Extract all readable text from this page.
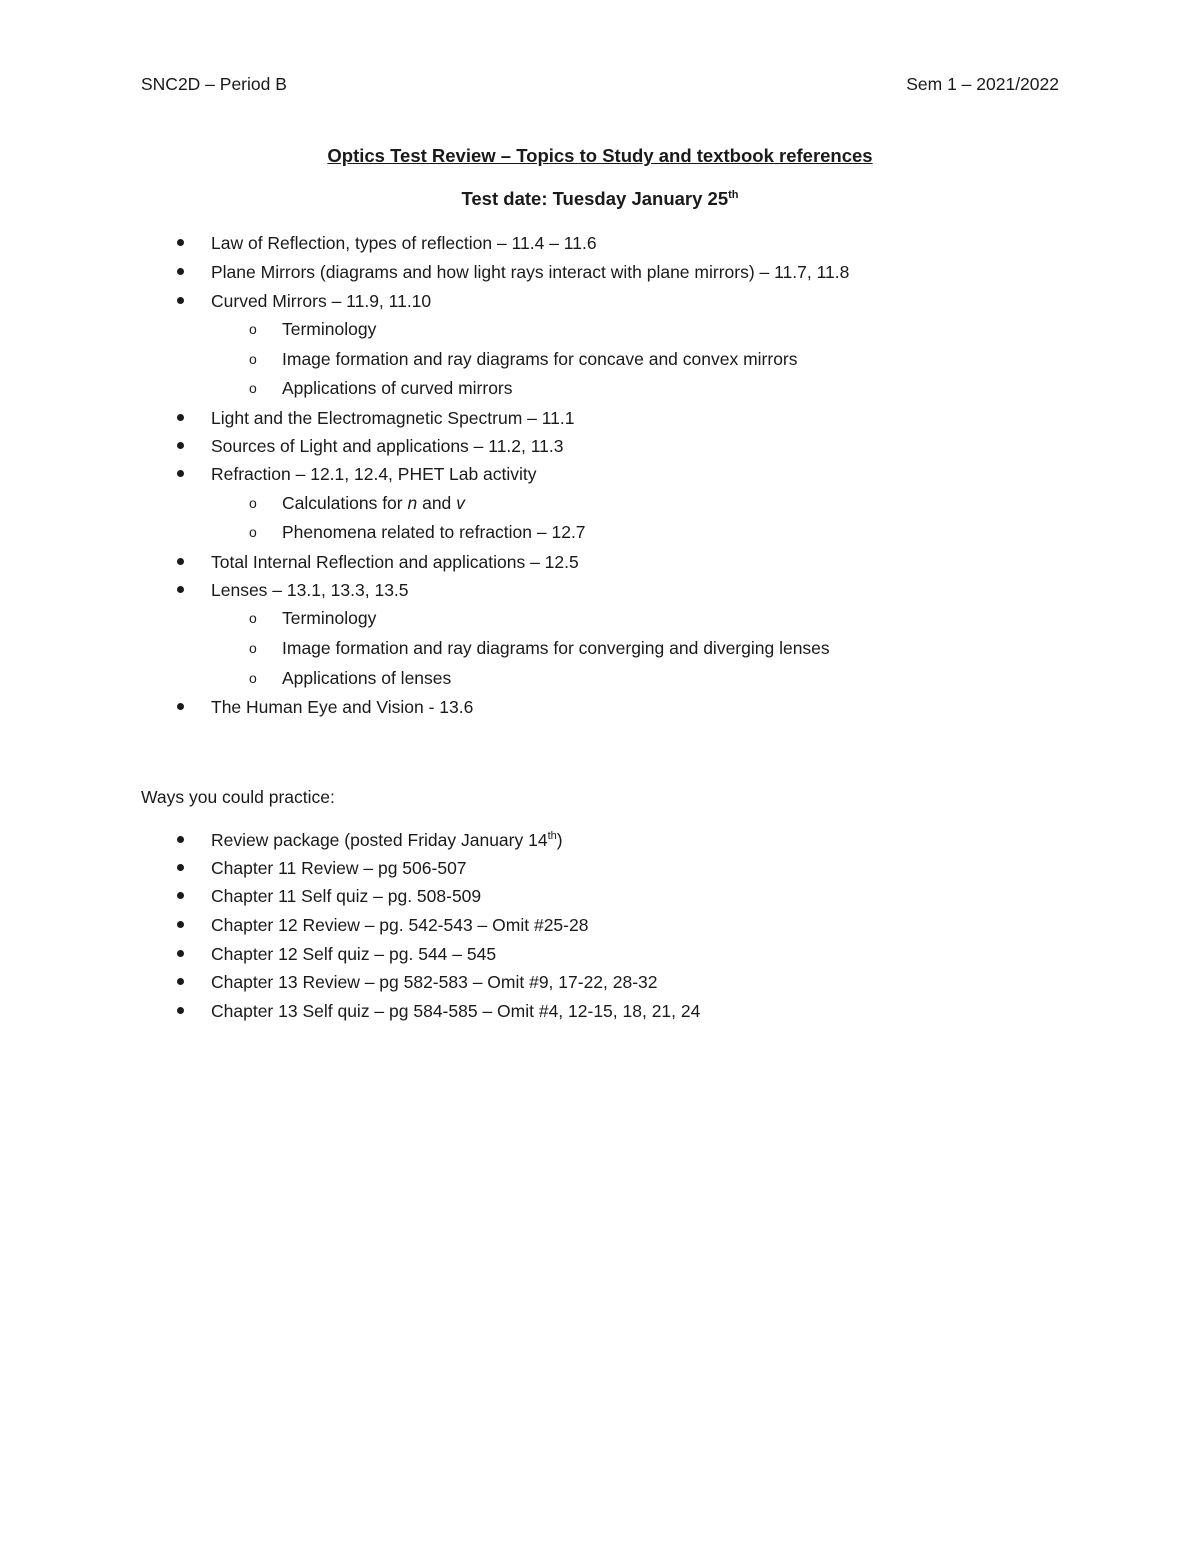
SNC2D – Period B	Sem 1 – 2021/2022
Optics Test Review – Topics to Study and textbook references
Test date: Tuesday January 25th
Law of Reflection, types of reflection – 11.4 – 11.6
Plane Mirrors (diagrams and how light rays interact with plane mirrors) – 11.7, 11.8
Curved Mirrors – 11.9, 11.10
o Terminology
o Image formation and ray diagrams for concave and convex mirrors
o Applications of curved mirrors
Light and the Electromagnetic Spectrum – 11.1
Sources of Light and applications – 11.2, 11.3
Refraction – 12.1, 12.4, PHET Lab activity
o Calculations for n and v
o Phenomena related to refraction – 12.7
Total Internal Reflection and applications – 12.5
Lenses – 13.1, 13.3, 13.5
o Terminology
o Image formation and ray diagrams for converging and diverging lenses
o Applications of lenses
The Human Eye and Vision - 13.6
Ways you could practice:
Review package (posted Friday January 14th)
Chapter 11 Review – pg 506-507
Chapter 11 Self quiz – pg. 508-509
Chapter 12 Review – pg. 542-543 – Omit #25-28
Chapter 12 Self quiz – pg. 544 – 545
Chapter 13 Review – pg 582-583 – Omit #9, 17-22, 28-32
Chapter 13 Self quiz – pg 584-585 – Omit #4, 12-15, 18, 21, 24
